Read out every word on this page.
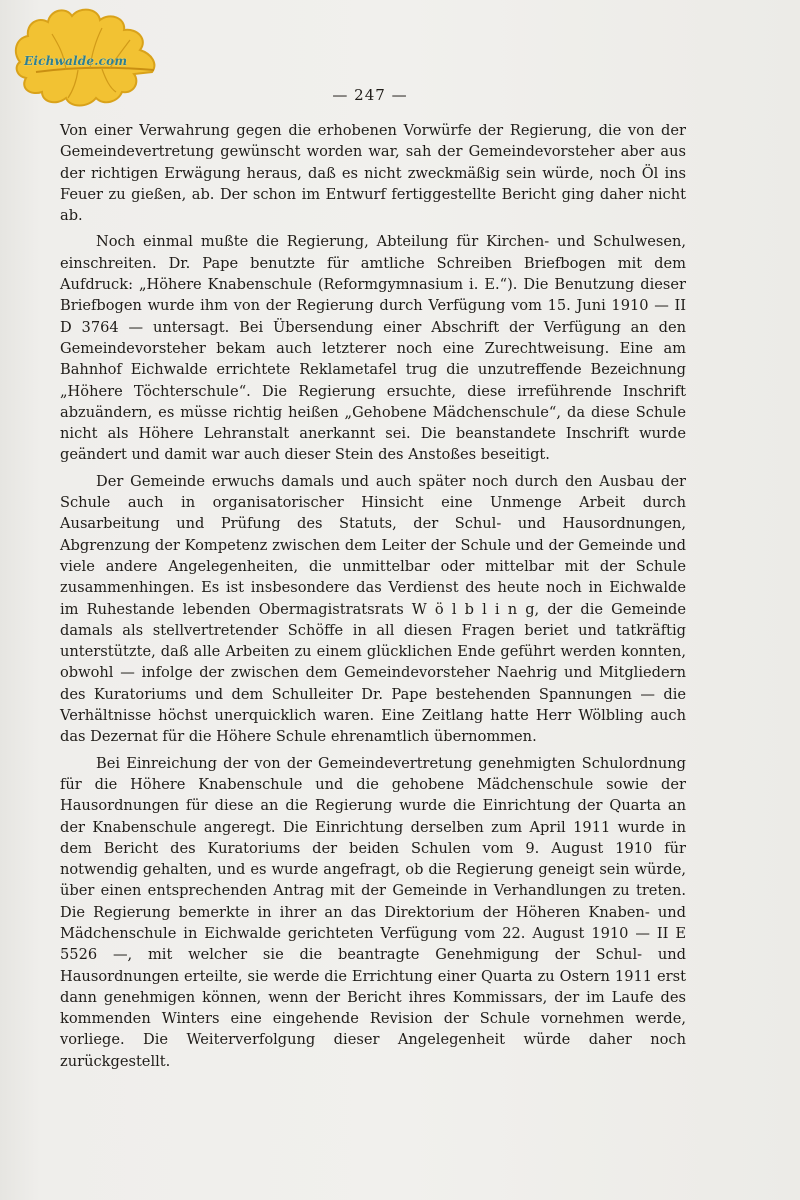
Eichwalde.com
— 247 —

Von einer Verwahrung gegen die erhobenen Vorwürfe der Regierung, die von der Gemeindevertretung gewünscht worden war, sah der Gemeindevorsteher aber aus der richtigen Erwägung heraus, daß es nicht zweckmäßig sein würde, noch Öl ins Feuer zu gießen, ab. Der schon im Entwurf fertiggestellte Bericht ging daher nicht ab.

Noch einmal mußte die Regierung, Abteilung für Kirchen- und Schulwesen, einschreiten. Dr. Pape benutzte für amtliche Schreiben Briefbogen mit dem Aufdruck: „Höhere Knabenschule (Reformgymnasium i. E.“). Die Benutzung dieser Briefbogen wurde ihm von der Regierung durch Verfügung vom 15. Juni 1910 — II D 3764 — untersagt. Bei Übersendung einer Abschrift der Verfügung an den Gemeindevorsteher bekam auch letzterer noch eine Zurechtweisung. Eine am Bahnhof Eichwalde errichtete Reklametafel trug die unzutreffende Bezeichnung „Höhere Töchterschule“. Die Regierung ersuchte, diese irreführende Inschrift abzuändern, es müsse richtig heißen „Gehobene Mädchenschule“, da diese Schule nicht als Höhere Lehranstalt anerkannt sei. Die beanstandete Inschrift wurde geändert und damit war auch dieser Stein des Anstoßes beseitigt.

Der Gemeinde erwuchs damals und auch später noch durch den Ausbau der Schule auch in organisatorischer Hinsicht eine Unmenge Arbeit durch Ausarbeitung und Prüfung des Statuts, der Schul- und Hausordnungen, Abgrenzung der Kompetenz zwischen dem Leiter der Schule und der Gemeinde und viele andere Angelegenheiten, die unmittelbar oder mittelbar mit der Schule zusammenhingen. Es ist insbesondere das Verdienst des heute noch in Eichwalde im Ruhestande lebenden Obermagistratsrats W ö l b l i n g, der die Gemeinde damals als stellvertretender Schöffe in all diesen Fragen beriet und tatkräftig unterstützte, daß alle Arbeiten zu einem glücklichen Ende geführt werden konnten, obwohl — infolge der zwischen dem Gemeindevorsteher Naehrig und Mitgliedern des Kuratoriums und dem Schulleiter Dr. Pape bestehenden Spannungen — die Verhältnisse höchst unerquicklich waren. Eine Zeitlang hatte Herr Wölbling auch das Dezernat für die Höhere Schule ehrenamtlich übernommen.

Bei Einreichung der von der Gemeindevertretung genehmigten Schulordnung für die Höhere Knabenschule und die gehobene Mädchenschule sowie der Hausordnungen für diese an die Regierung wurde die Einrichtung der Quarta an der Knabenschule angeregt. Die Einrichtung derselben zum April 1911 wurde in dem Bericht des Kuratoriums der beiden Schulen vom 9. August 1910 für notwendig gehalten, und es wurde angefragt, ob die Regierung geneigt sein würde, über einen entsprechenden Antrag mit der Gemeinde in Verhandlungen zu treten. Die Regierung bemerkte in ihrer an das Direktorium der Höheren Knaben- und Mädchenschule in Eichwalde gerichteten Verfügung vom 22. August 1910 — II E 5526 —, mit welcher sie die beantragte Genehmigung der Schul- und Hausordnungen erteilte, sie werde die Errichtung einer Quarta zu Ostern 1911 erst dann genehmigen können, wenn der Bericht ihres Kommissars, der im Laufe des kommenden Winters eine eingehende Revision der Schule vornehmen werde, vorliege. Die Weiterverfolgung dieser Angelegenheit würde daher noch zurückgestellt.
